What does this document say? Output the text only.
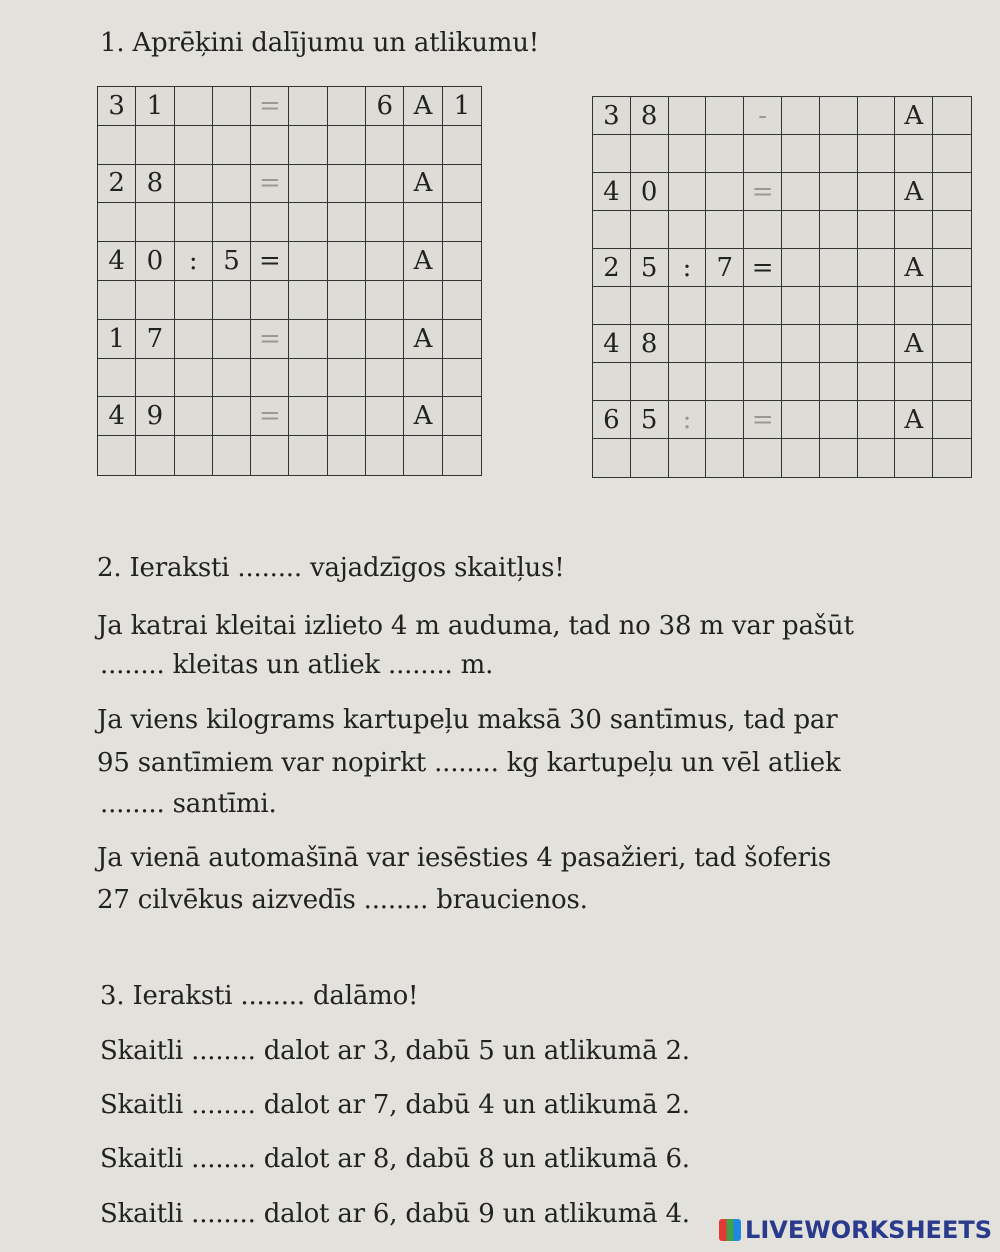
1. Aprēķini dalījumu un atlikumu!
3 1	=	6 A 1
2 8	=	A
4 0 : 5 =	A
1 7	=	A
4 9	=	A
3 8	-	A
4 0	=	A
2 5 : 7 =	A
4 8	A
6 5 :	=	A
2. Ieraksti ........ vajadzīgos skaitļus!
Ja katrai kleitai izlieto 4 m auduma, tad no 38 m var pašūt
........ kleitas un atliek ........ m.
Ja viens kilograms kartupeļu maksā 30 santīmus, tad par
95 santīmiem var nopirkt ........ kg kartupeļu un vēl atliek
........ santīmi.
Ja vienā automašīnā var iesēsties 4 pasažieri, tad šoferis
27 cilvēkus aizvedīs ........ braucienos.
3. Ieraksti ........ dalāmo!
Skaitli ........ dalot ar 3, dabū 5 un atlikumā 2.
Skaitli ........ dalot ar 7, dabū 4 un atlikumā 2.
Skaitli ........ dalot ar 8, dabū 8 un atlikumā 6.
Skaitli ........ dalot ar 6, dabū 9 un atlikumā 4.
LIVEWORKSHEETS
